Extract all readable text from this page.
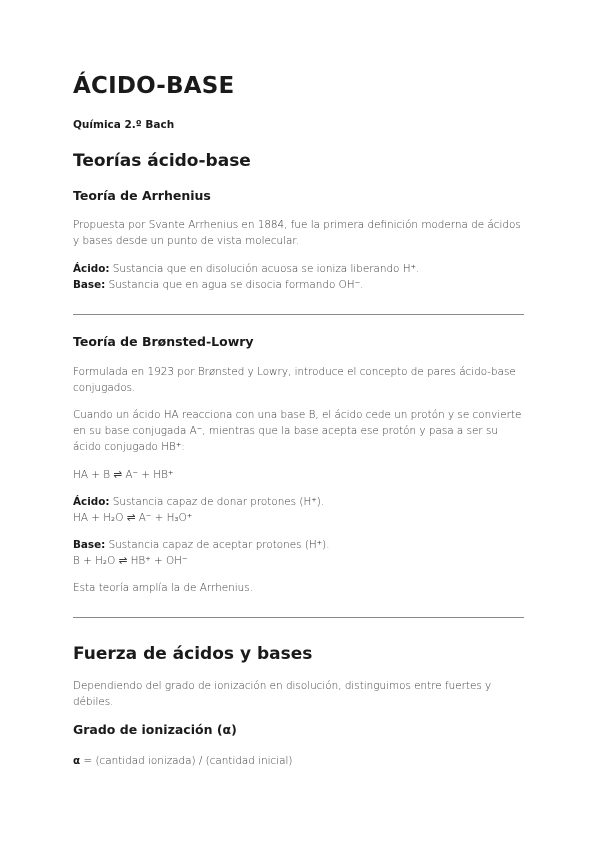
ÁCIDO-BASE
Química 2.º Bach
Teorías ácido-base
Teoría de Arrhenius

Propuesta por Svante Arrhenius en 1884, fue la primera definición moderna de ácidos y bases desde un punto de vista molecular.

Ácido: Sustancia que en disolución acuosa se ioniza liberando H⁺.
Base: Sustancia que en agua se disocia formando OH⁻.
Teoría de Brønsted-Lowry

Formulada en 1923 por Brønsted y Lowry, introduce el concepto de pares ácido-base conjugados.

Cuando un ácido HA reacciona con una base B, el ácido cede un protón y se convierte en su base conjugada A⁻, mientras que la base acepta ese protón y pasa a ser su ácido conjugado HB⁺:

HA + B ⇌ A⁻ + HB⁺
Ácido: Sustancia capaz de donar protones (H⁺).
HA + H₂O ⇌ A⁻ + H₃O⁺
Base: Sustancia capaz de aceptar protones (H⁺).
B + H₂O ⇌ HB⁺ + OH⁻
Esta teoría amplía la de Arrhenius.
Fuerza de ácidos y bases

Dependiendo del grado de ionización en disolución, distinguimos entre fuertes y débiles.

Grado de ionización (α)
α = (cantidad ionizada) / (cantidad inicial)
